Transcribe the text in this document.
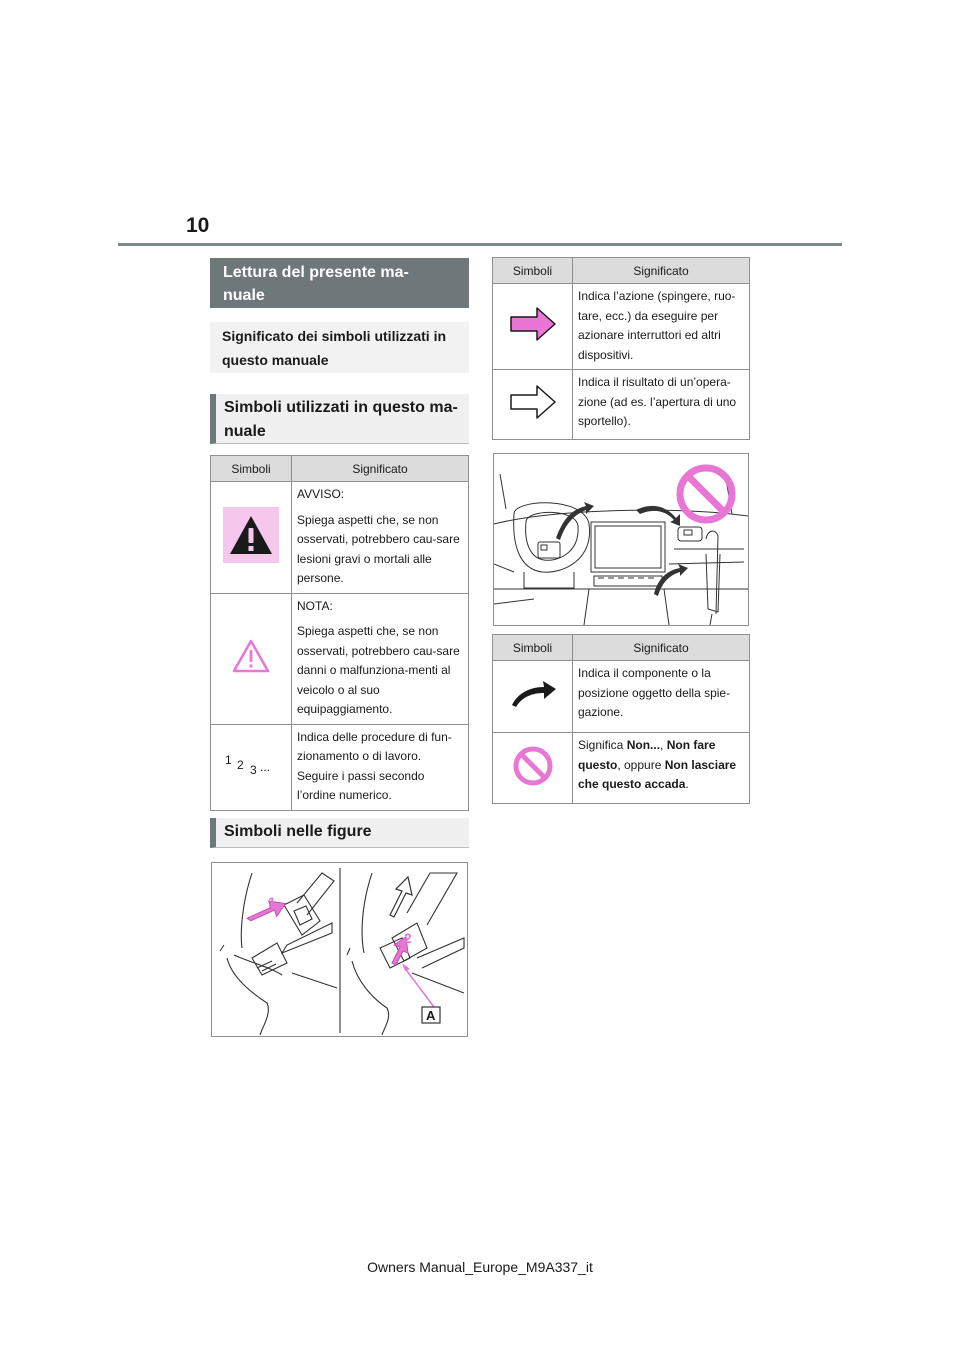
10
Lettura del presente ma-
nuale
Significato dei simboli utilizzati in
questo manuale
Simboli utilizzati in questo ma-
nuale
Simboli	Significato

AVVISO:

Spiega aspetti che, se non osservati, potrebbero cau-sare lesioni gravi o mortali alle persone.

NOTA:

Spiega aspetti che, se non osservati, potrebbero cau-sare danni o malfunziona-menti al veicolo o al suo equipaggiamento.

1 2 3 ...	Indica delle procedure di fun-zionamento o di lavoro. Seguire i passi secondo l’ordine numerico.

Simboli nelle figure
1
2
A
Simboli	Significato

Indica l’azione (spingere, ruo-tare, ecc.) da eseguire per azionare interruttori ed altri dispositivi.

Indica il risultato di un’opera-zione (ad es. l’apertura di uno sportello).

Simboli	Significato

Indica il componente o la posizione oggetto della spie-gazione.

Significa Non..., Non fare questo, oppure Non lasciare che questo accada.

Owners Manual_Europe_M9A337_it
